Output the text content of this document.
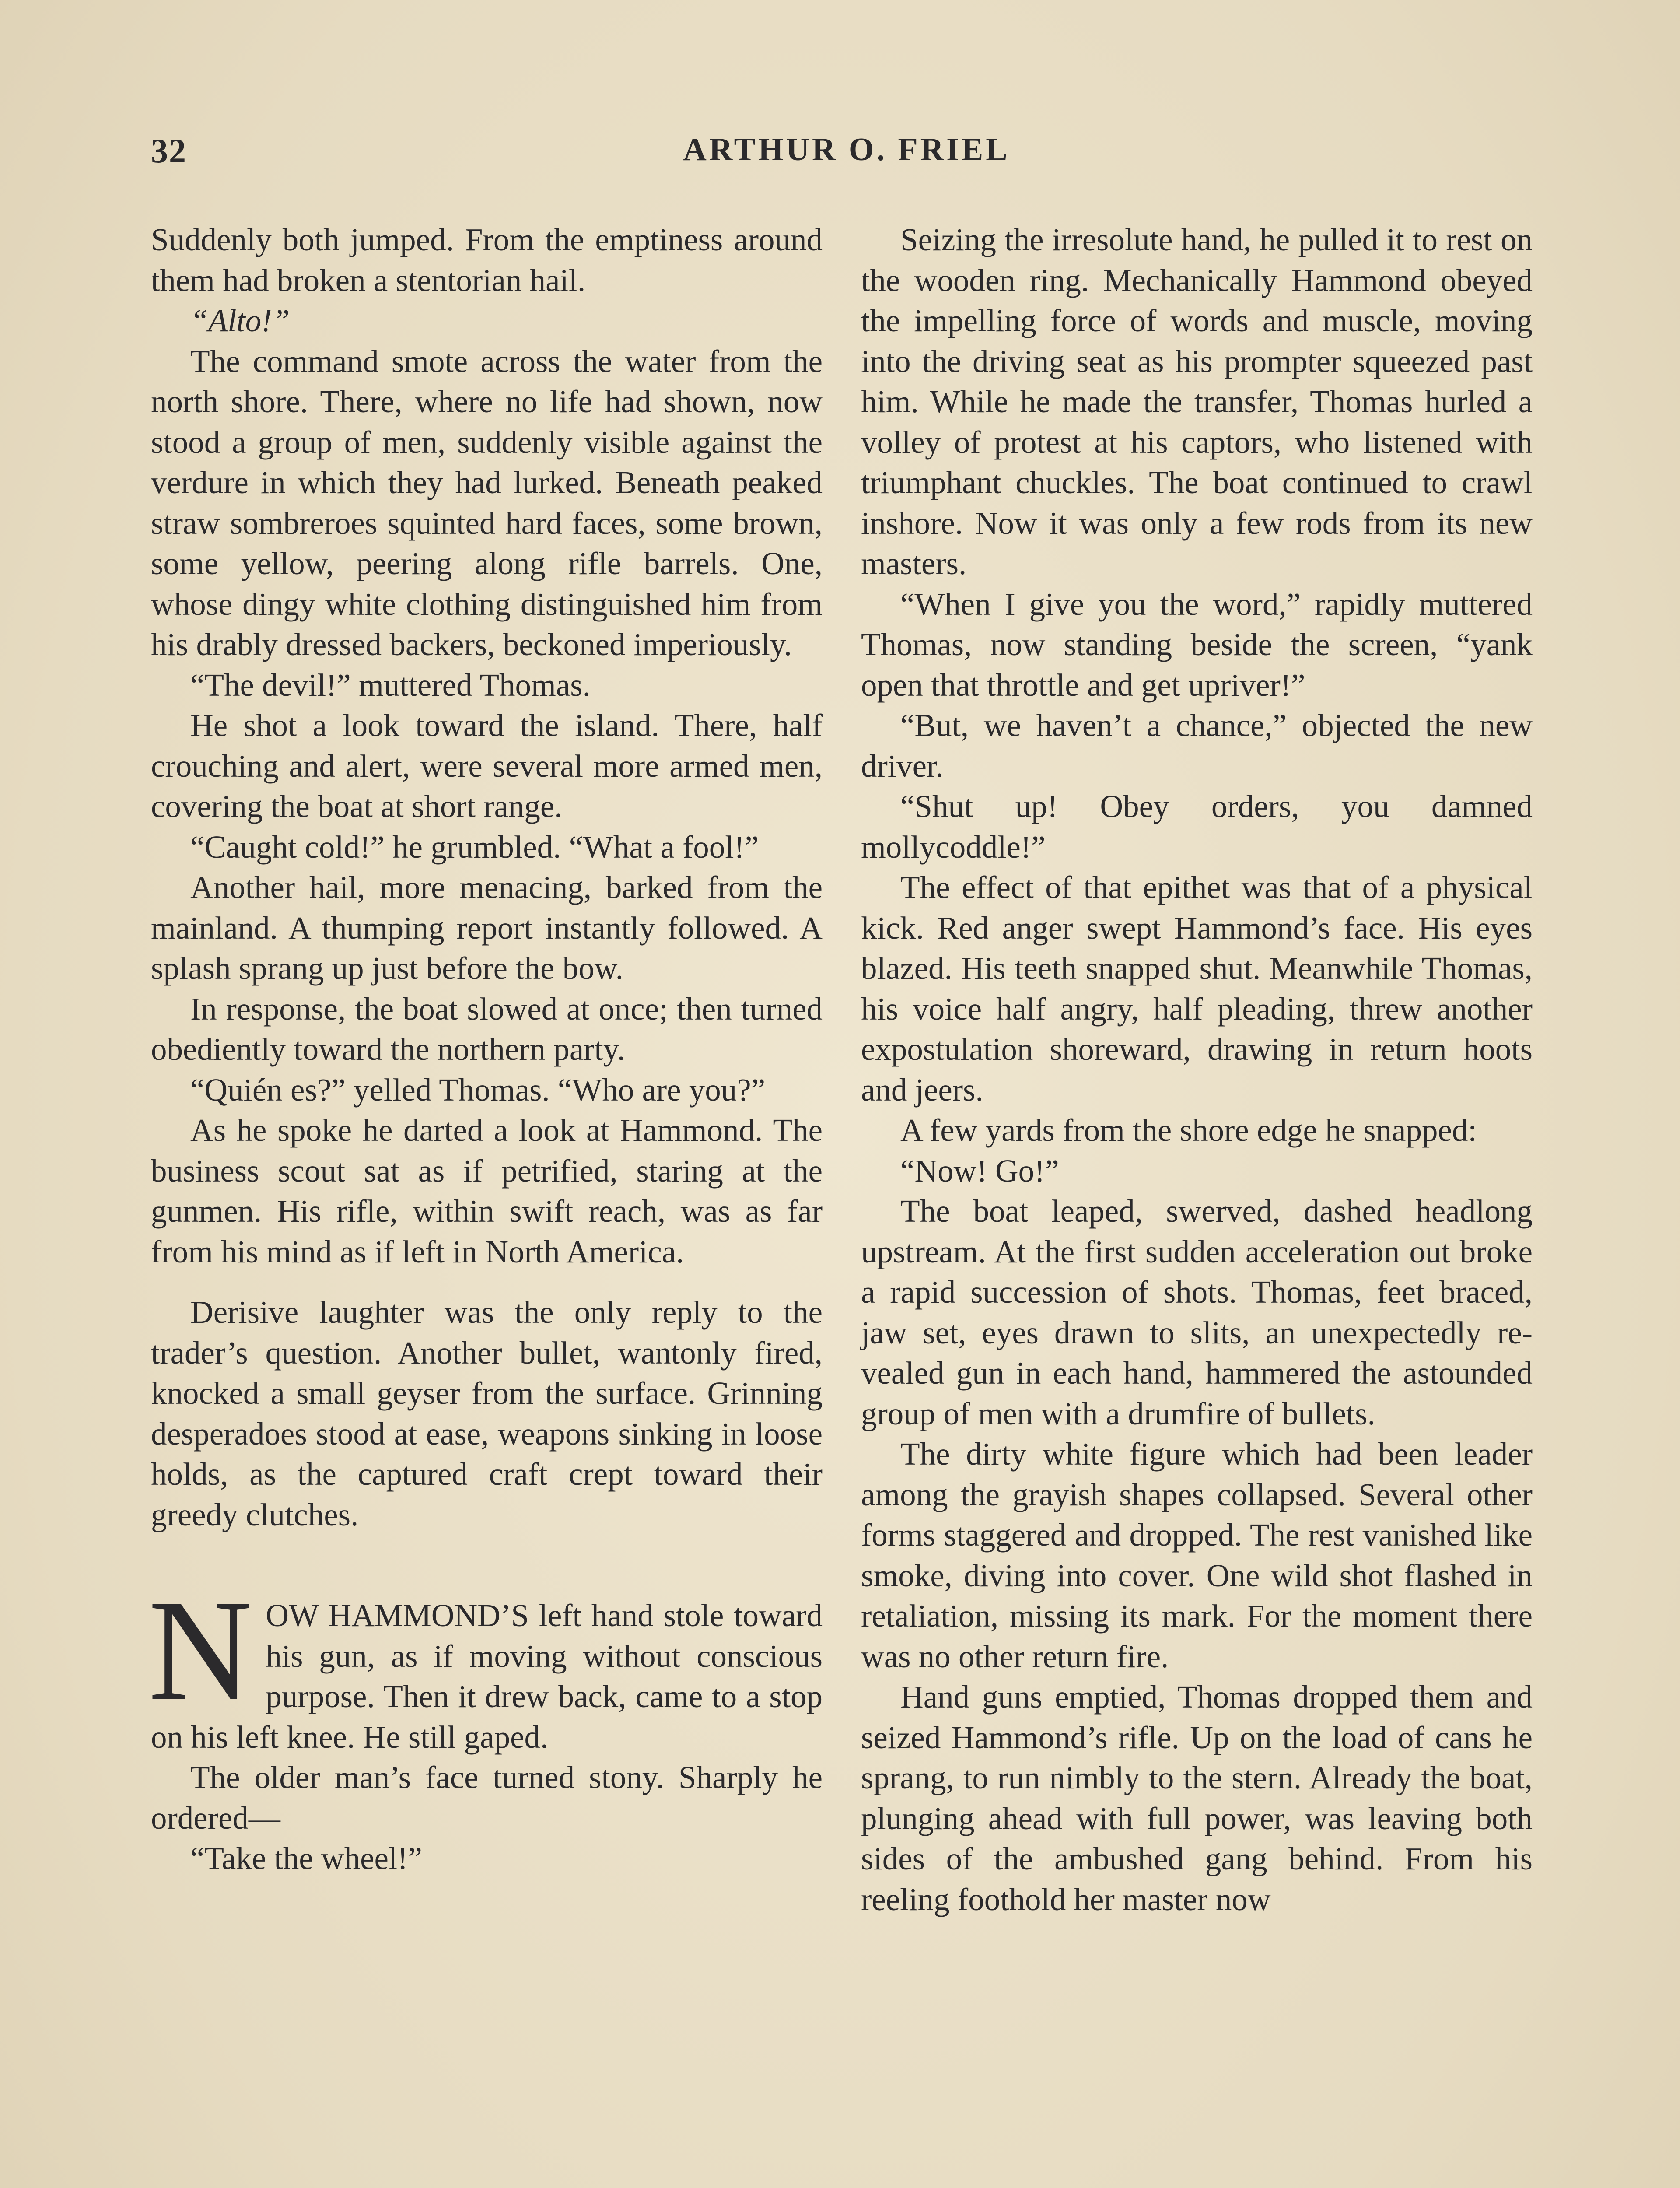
32	ARTHUR O. FRIEL

Suddenly both jumped. From the emptiness around them had broken a stentorian hail.

“Alto!”

The command smote across the water from the north shore. There, where no life had shown, now stood a group of men, suddenly visible against the verdure in which they had lurked. Beneath peaked straw sombreroes squinted hard faces, some brown, some yellow, peering along rifle barrels. One, whose dingy white clothing distinguished him from his drably dressed backers, beckoned imperiously.

“The devil!” muttered Thomas.

He shot a look toward the island. There, half crouching and alert, were several more armed men, covering the boat at short range.

“Caught cold!” he grumbled. “What a fool!”

Another hail, more menacing, barked from the mainland. A thumping report instantly followed. A splash sprang up just before the bow.

In response, the boat slowed at once; then turned obediently toward the northern party.

“Quién es?” yelled Thomas. “Who are you?”

As he spoke he darted a look at Hammond. The business scout sat as if petrified, staring at the gunmen. His rifle, within swift reach, was as far from his mind as if left in North America.

Derisive laughter was the only reply to the trader’s question. Another bullet, wantonly fired, knocked a small geyser from the surface. Grinning desperadoes stood at ease, weapons sinking in loose holds, as the captured craft crept toward their greedy clutches.

NOW HAMMOND’S left hand stole toward his gun, as if moving without conscious purpose. Then it drew back, came to a stop on his left knee. He still gaped.

The older man’s face turned stony. Sharply he ordered—

“Take the wheel!”

Seizing the irresolute hand, he pulled it to rest on the wooden ring. Mechanically Hammond obeyed the impelling force of words and muscle, moving into the driving seat as his prompter squeezed past him. While he made the transfer, Thomas hurled a volley of protest at his captors, who listened with triumphant chuckles. The boat continued to crawl inshore. Now it was only a few rods from its new masters.

“When I give you the word,” rapidly muttered Thomas, now standing beside the screen, “yank open that throttle and get upriver!”

“But, we haven’t a chance,” objected the new driver.

“Shut up! Obey orders, you damned mollycoddle!”

The effect of that epithet was that of a physical kick. Red anger swept Hammond’s face. His eyes blazed. His teeth snapped shut. Meanwhile Thomas, his voice half angry, half pleading, threw another expostulation shoreward, drawing in return hoots and jeers.

A few yards from the shore edge he snapped:

“Now! Go!”

The boat leaped, swerved, dashed headlong upstream. At the first sudden acceleration out broke a rapid succession of shots. Thomas, feet braced, jaw set, eyes drawn to slits, an unexpectedly revealed gun in each hand, hammered the astounded group of men with a drumfire of bullets.

The dirty white figure which had been leader among the grayish shapes collapsed. Several other forms staggered and dropped. The rest vanished like smoke, diving into cover. One wild shot flashed in retaliation, missing its mark. For the moment there was no other return fire.

Hand guns emptied, Thomas dropped them and seized Hammond’s rifle. Up on the load of cans he sprang, to run nimbly to the stern. Already the boat, plunging ahead with full power, was leaving both sides of the ambushed gang behind. From his reeling foothold her master now
